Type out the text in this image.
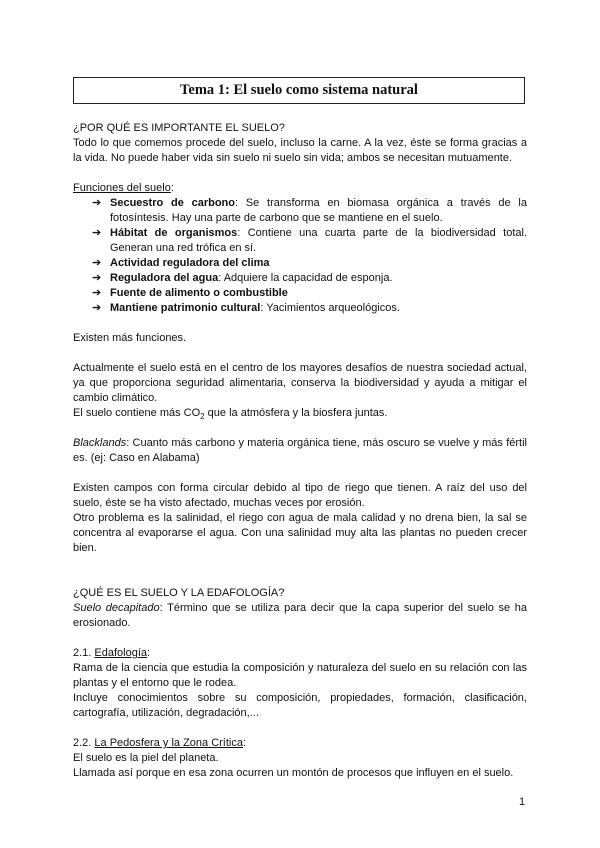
Tema 1: El suelo como sistema natural

¿POR QUÉ ES IMPORTANTE EL SUELO?

Todo lo que comemos procede del suelo, incluso la carne. A la vez, éste se forma gracias a la vida. No puede haber vida sin suelo ni suelo sin vida; ambos se necesitan mutuamente.

Funciones del suelo:

➔ Secuestro de carbono: Se transforma en biomasa orgánica a través de la fotosíntesis. Hay una parte de carbono que se mantiene en el suelo.
➔ Hábitat de organismos: Contiene una cuarta parte de la biodiversidad total. Generan una red trófica en sí.
➔ Actividad reguladora del clima
➔ Reguladora del agua: Adquiere la capacidad de esponja.
➔ Fuente de alimento o combustible
➔ Mantiene patrimonio cultural: Yacimientos arqueológicos.

Existen más funciones.

Actualmente el suelo está en el centro de los mayores desafíos de nuestra sociedad actual, ya que proporciona seguridad alimentaria, conserva la biodiversidad y ayuda a mitigar el cambio climático.

El suelo contiene más $CO_2$ que la atmósfera y la biosfera juntas.

Blacklands: Cuanto más carbono y materia orgánica tiene, más oscuro se vuelve y más fértil es. (ej: Caso en Alabama)

Existen campos con forma circular debido al tipo de riego que tienen. A raíz del uso del suelo, éste se ha visto afectado, muchas veces por erosión.

Otro problema es la salinidad, el riego con agua de mala calidad y no drena bien, la sal se concentra al evaporarse el agua. Con una salinidad muy alta las plantas no pueden crecer bien.

¿QUÉ ES EL SUELO Y LA EDAFOLOGÍA?

Suelo decapitado: Término que se utiliza para decir que la capa superior del suelo se ha erosionado.

2.1. Edafología:

Rama de la ciencia que estudia la composición y naturaleza del suelo en su relación con las plantas y el entorno que le rodea.

Incluye conocimientos sobre su composición, propiedades, formación, clasificación, cartografía, utilización, degradación,...

2.2. La Pedosfera y la Zona Crítica:

El suelo es la piel del planeta.

Llamada así porque en esa zona ocurren un montón de procesos que influyen en el suelo.

1
